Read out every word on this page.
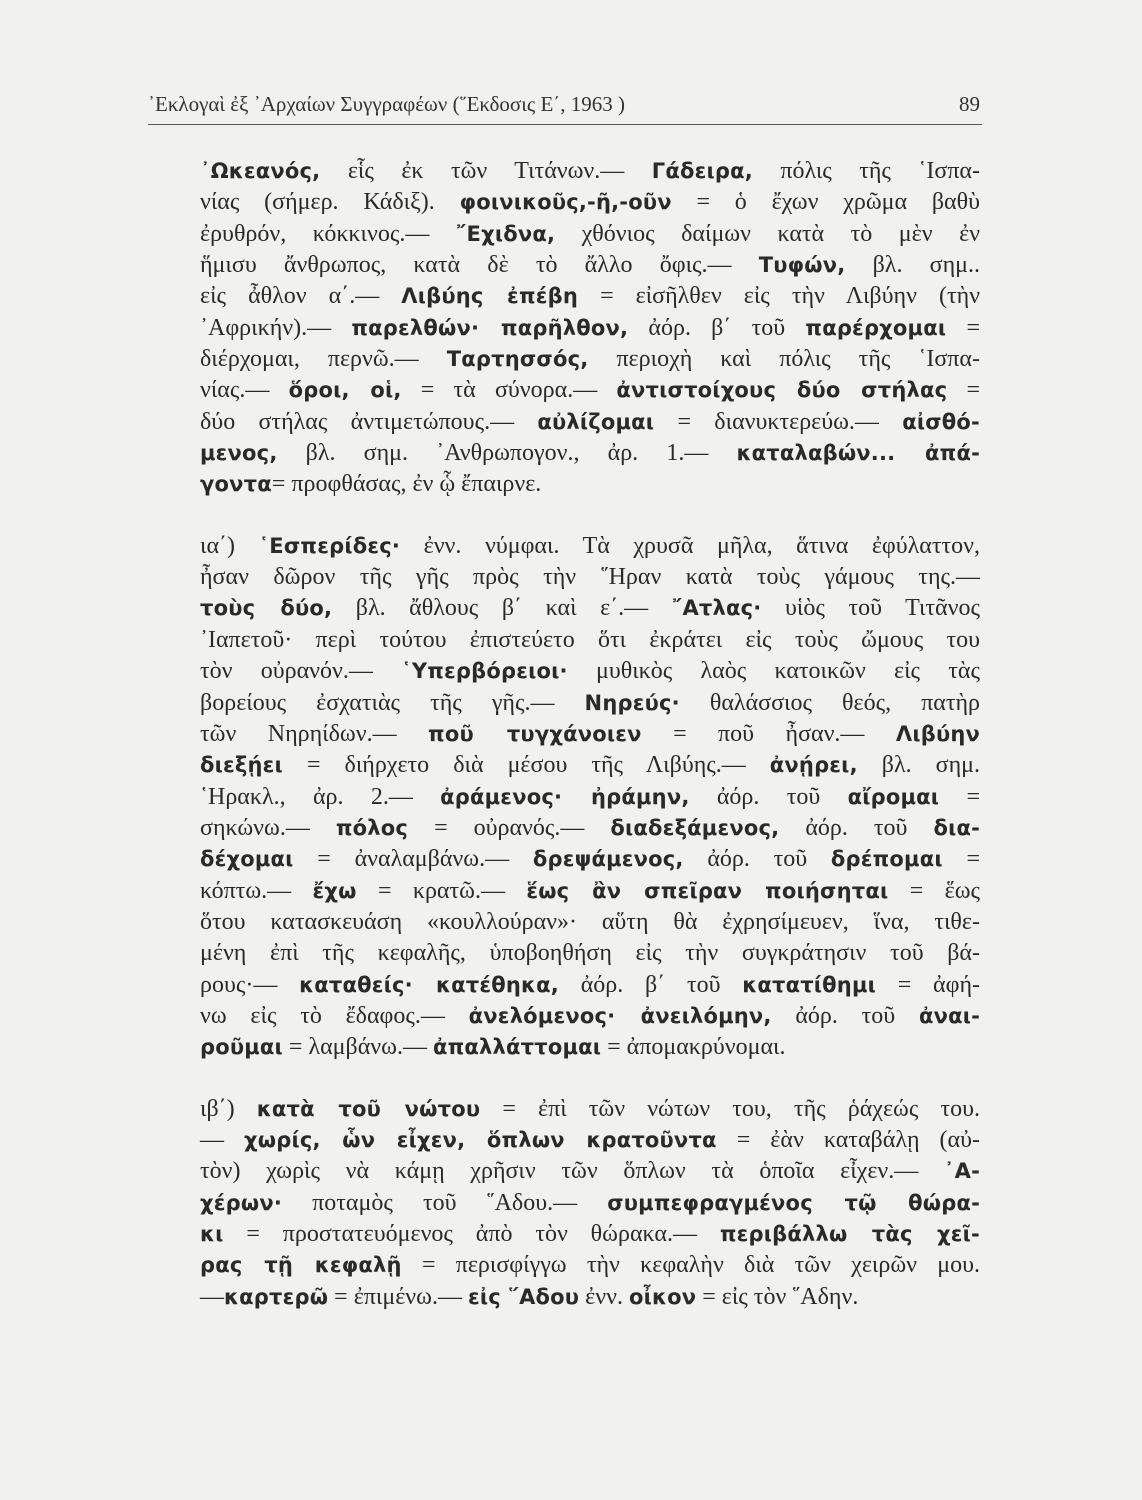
᾿Εκλογαὶ ἐξ ᾿Αρχαίων Συγγραφέων (῞Εκδοσις Ε΄, 1963 )	89
᾿Ωκεανός, εἷς ἐκ τῶν Τιτάνων.— Γάδειρα, πόλις τῆς ῾Ισπα-
νίας (σήμερ. Κάδιξ). φοινικοῦς,-ῆ,-οῦν = ὁ ἔχων χρῶμα βαθὺ
ἐρυθρόν, κόκκινος.— ῎Εχιδνα, χθόνιος δαίμων κατὰ τὸ μὲν ἐν
ἥμισυ ἄνθρωπος, κατὰ δὲ τὸ ἄλλο ὄφις.— Τυφών, βλ. σημ..
εἰς ἆθλον α΄.— Λιβύης ἐπέβη = εἰσῆλθεν εἰς τὴν Λιβύην (τὴν
᾿Αφρικήν).— παρελθών· παρῆλθον, ἀόρ. β΄ τοῦ παρέρχομαι =
διέρχομαι, περνῶ.— Ταρτησσός, περιοχὴ καὶ πόλις τῆς ῾Ισπα-
νίας.— ὅροι, οἱ, = τὰ σύνορα.— ἀντιστοίχους δύο στήλας =
δύο στήλας ἀντιμετώπους.— αὐλίζομαι = διανυκτερεύω.— αἰσθό-
μενος, βλ. σημ. ᾿Ανθρωπογον., ἀρ. 1.— καταλαβών... ἀπά-
γοντα= προφθάσας, ἐν ᾧ ἔπαιρνε.
ια΄) ῾Εσπερίδες· ἐνν. νύμφαι. Τὰ χρυσᾶ μῆλα, ἅτινα ἐφύλαττον,
ἦσαν δῶρον τῆς γῆς πρὸς τὴν ῞Ηραν κατὰ τοὺς γάμους της.—
τοὺς δύο, βλ. ἄθλους β΄ καὶ ε΄.— ῎Ατλας· υἱὸς τοῦ Τιτᾶνος
᾿Ιαπετοῦ· περὶ τούτου ἐπιστεύετο ὅτι ἐκράτει εἰς τοὺς ὤμους του
τὸν οὐρανόν.— ῾Υπερβόρειοι· μυθικὸς λαὸς κατοικῶν εἰς τὰς
βορείους ἐσχατιὰς τῆς γῆς.— Νηρεύς· θαλάσσιος θεός, πατὴρ
τῶν Νηρηίδων.— ποῦ τυγχάνοιεν = ποῦ ἦσαν.— Λιβύην
διεξῄει = διήρχετο διὰ μέσου τῆς Λιβύης.— ἀνῄρει, βλ. σημ.
῾Ηρακλ., ἀρ. 2.— ἀράμενος· ἠράμην, ἀόρ. τοῦ αἴρομαι =
σηκώνω.— πόλος = οὐρανός.— διαδεξάμενος, ἀόρ. τοῦ δια-
δέχομαι = ἀναλαμβάνω.— δρεψάμενος, ἀόρ. τοῦ δρέπομαι =
κόπτω.— ἔχω = κρατῶ.— ἕως ἂν σπεῖραν ποιήσηται = ἕως
ὅτου κατασκευάση «κουλλούραν»· αὕτη θὰ ἐχρησίμευεν, ἵνα, τιθε-
μένη ἐπὶ τῆς κεφαλῆς, ὑποβοηθήση εἰς τὴν συγκράτησιν τοῦ βά-
ρους·— καταθείς· κατέθηκα, ἀόρ. β΄ τοῦ κατατίθημι = ἀφή-
νω εἰς τὸ ἔδαφος.— ἀνελόμενος· ἀνειλόμην, ἀόρ. τοῦ ἀναι-
ροῦμαι = λαμβάνω.— ἀπαλλάττομαι = ἀπομακρύνομαι.
ιβ΄) κατὰ τοῦ νώτου = ἐπὶ τῶν νώτων του, τῆς ῥάχεώς του.
— χωρίς, ὧν εἶχεν, ὅπλων κρατοῦντα = ἐὰν καταβάλῃ (αὐ-
τὸν) χωρὶς νὰ κάμῃ χρῆσιν τῶν ὅπλων τὰ ὁποῖα εἶχεν.— ᾿Α-
χέρων· ποταμὸς τοῦ ῞Αδου.— συμπεφραγμένος τῷ θώρα-
κι = προστατευόμενος ἀπὸ τὸν θώρακα.— περιβάλλω τὰς χεῖ-
ρας τῇ κεφαλῇ = περισφίγγω τὴν κεφαλὴν διὰ τῶν χειρῶν μου.
—καρτερῶ = ἐπιμένω.— εἰς ῞Αδου ἐνν. οἶκον = εἰς τὸν ῞Αδην.
